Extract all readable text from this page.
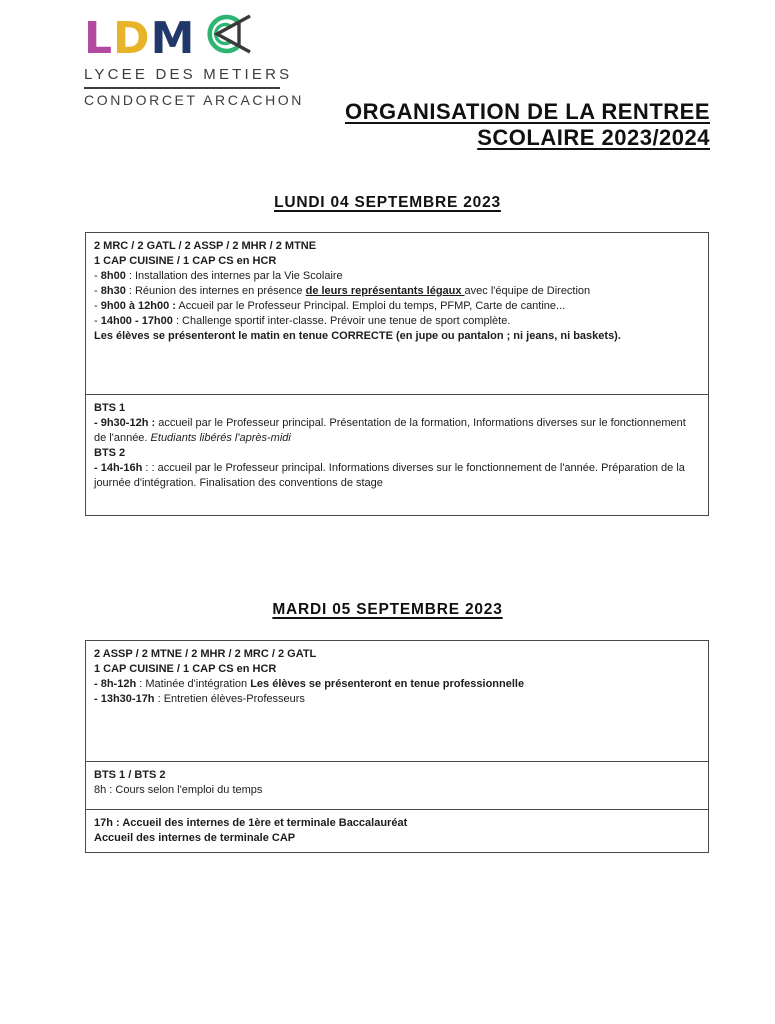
L D M
LYCEE DES METIERS
CONDORCET ARCACHON ORGANISATION DE LA RENTREE
SCOLAIRE 2023/2024
LUNDI 04 SEPTEMBRE 2023

2 MRC / 2 GATL / 2 ASSP / 2 MHR / 2 MTNE

1 CAP CUISINE / 1 CAP CS en HCR

- 8h00 : Installation des internes par la Vie Scolaire

- 8h30 : Réunion des internes en présence de leurs représentants légaux avec l'équipe de Direction

- 9h00 à 12h00 : Accueil par le Professeur Principal. Emploi du temps, PFMP, Carte de cantine...

- 14h00 - 17h00 : Challenge sportif inter-classe. Prévoir une tenue de sport complète.

Les élèves se présenteront le matin en tenue CORRECTE (en jupe ou pantalon ; ni jeans, ni baskets).

BTS 1

- 9h30-12h : accueil par le Professeur principal. Présentation de la formation, Informations diverses sur le fonctionnement de l'année. Etudiants libérés l'après-midi

BTS 2

- 14h-16h : : accueil par le Professeur principal. Informations diverses sur le fonctionnement de l'année. Préparation de la journée d'intégration. Finalisation des conventions de stage

MARDI 05 SEPTEMBRE 2023

2 ASSP / 2 MTNE / 2 MHR / 2 MRC / 2 GATL

1 CAP CUISINE / 1 CAP CS en HCR

- 8h-12h : Matinée d'intégration Les élèves se présenteront en tenue professionnelle

- 13h30-17h : Entretien élèves-Professeurs

BTS 1 / BTS 2

8h : Cours selon l'emploi du temps

17h : Accueil des internes de 1ère et terminale Baccalauréat

Accueil des internes de terminale CAP
